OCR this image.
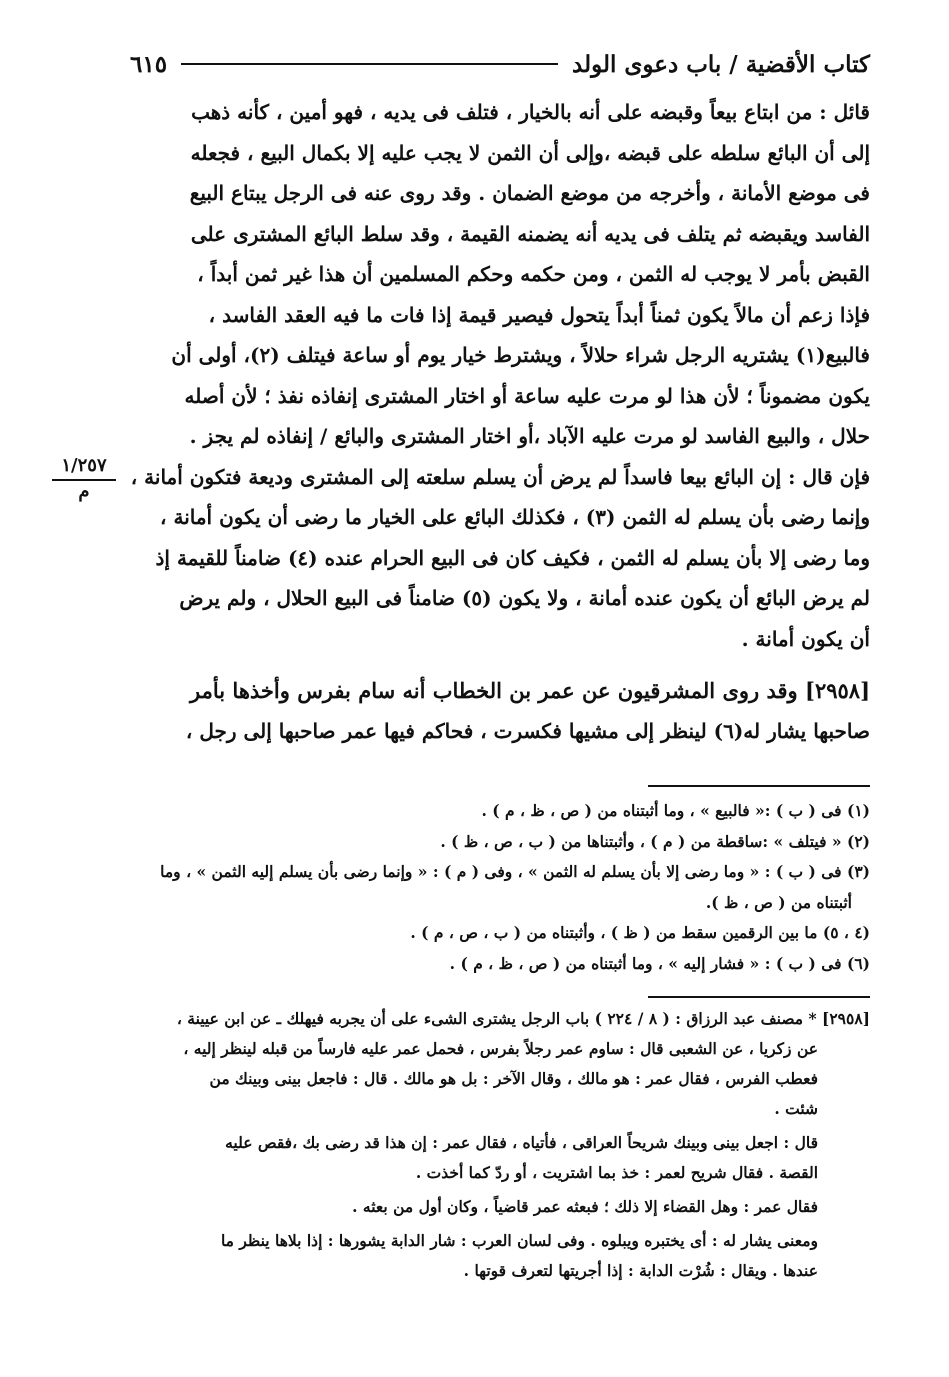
كتاب الأقضية / باب دعوى الولد
٦١٥

قائل : من ابتاع بيعاً وقبضه على أنه بالخيار ، فتلف فى يديه ، فهو أمين ، كأنه ذهب

إلى أن البائع سلطه على قبضه ،وإلى أن الثمن لا يجب عليه إلا بكمال البيع ، فجعله

فى موضع الأمانة ، وأخرجه من موضع الضمان . وقد روى عنه فى الرجل يبتاع البيع

الفاسد ويقبضه ثم يتلف فى يديه أنه يضمنه القيمة ، وقد سلط البائع المشترى على

القبض بأمر لا يوجب له الثمن ، ومن حكمه وحكم المسلمين أن هذا غير ثمن أبداً ،

فإذا زعم أن مالاً يكون ثمناً أبداً يتحول فيصير قيمة إذا فات ما فيه العقد الفاسد ،

فالبيع(١) يشتريه الرجل شراء حلالاً ، ويشترط خيار يوم أو ساعة فيتلف (٢)، أولى أن

يكون مضموناً ؛ لأن هذا لو مرت عليه ساعة أو اختار المشترى إنفاذه نفذ ؛ لأن أصله

حلال ، والبيع الفاسد لو مرت عليه الآباد ،أو اختار المشترى والبائع / إنفاذه لم يجز .

فإن قال : إن البائع بيعا فاسداً لم يرض أن يسلم سلعته إلى المشترى وديعة فتكون أمانة ،

وإنما رضى بأن يسلم له الثمن (٣) ، فكذلك البائع على الخيار ما رضى أن يكون أمانة ،

وما رضى إلا بأن يسلم له الثمن ، فكيف كان فى البيع الحرام عنده (٤) ضامناً للقيمة إذ

لم يرض البائع أن يكون عنده أمانة ، ولا يكون (٥) ضامناً فى البيع الحلال ، ولم يرض

أن يكون أمانة .

[٢٩٥٨] وقد روى المشرقيون عن عمر بن الخطاب أنه سام بفرس وأخذها بأمر

صاحبها يشار له(٦) لينظر إلى مشيها فكسرت ، فحاكم فيها عمر صاحبها إلى رجل ،

١/٢٥٧
م

(١) فى ( ب ) :« فالبيع » ، وما أثبتناه من ( ص ، ظ ، م ) .

(٢) « فيتلف » :ساقطة من ( م ) ، وأثبتناها من ( ب ، ص ، ظ ) .

(٣) فى ( ب ) : « وما رضى إلا بأن يسلم له الثمن » ، وفى ( م ) : « وإنما رضى بأن يسلم إليه الثمن » ، وما

أثبتناه من ( ص ، ظ ).

(٤ ، ٥) ما بين الرقمين سقط من ( ظ ) ، وأثبتناه من ( ب ، ص ، م ) .

(٦) فى ( ب ) : « فشار إليه » ، وما أثبتناه من ( ص ، ظ ، م ) .

[٢٩٥٨] * مصنف عبد الرزاق : ( ٨ / ٢٢٤ ) باب الرجل يشترى الشىء على أن يجربه فيهلك ـ عن ابن عيينة ،

عن زكريا ، عن الشعبى قال : ساوم عمر رجلاً بفرس ، فحمل عمر عليه فارساً من قبله لينظر إليه ،

فعطب الفرس ، فقال عمر : هو مالك ، وقال الآخر : بل هو مالك . قال : فاجعل بينى وبينك من

شئت .

قال : اجعل بينى وبينك شريحاً العراقى ، فأتياه ، فقال عمر : إن هذا قد رضى بك ،فقص عليه

القصة . فقال شريح لعمر : خذ بما اشتريت ، أو ردّ كما أخذت .

فقال عمر : وهل القضاء إلا ذلك ؛ فبعثه عمر قاضياً ، وكان أول من بعثه .

ومعنى يشار له : أى يختبره ويبلوه . وفى لسان العرب : شار الدابة يشورها : إذا بلاها ينظر ما

عندها . ويقال : شُرْت الدابة : إذا أجريتها لتعرف قوتها .
